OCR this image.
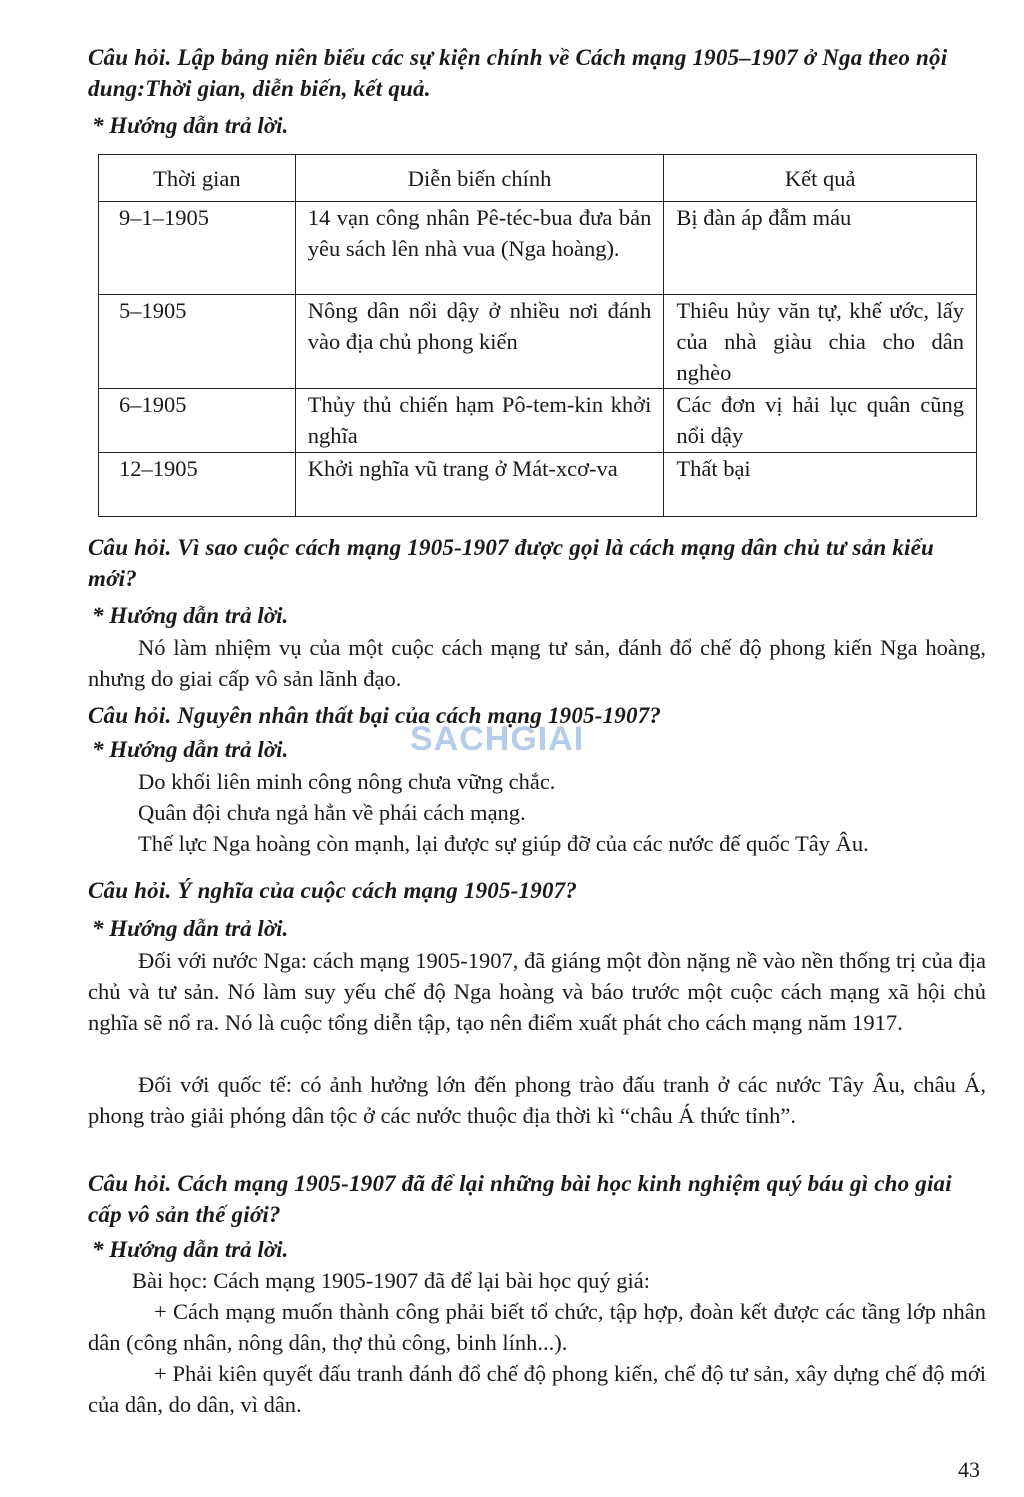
Câu hỏi. Lập bảng niên biểu các sự kiện chính về Cách mạng 1905–1907 ở Nga theo nội dung:Thời gian, diễn biến, kết quả.

* Hướng dẫn trả lời.

Thời gian	Diễn biến chính	Kết quả
9–1–1905	14 vạn công nhân Pê-téc-bua đưa bản yêu sách lên nhà vua (Nga hoàng).	Bị đàn áp đẫm máu
5–1905	Nông dân nổi dậy ở nhiều nơi đánh vào địa chủ phong kiến	Thiêu hủy văn tự, khế ước, lấy của nhà giàu chia cho dân nghèo
6–1905	Thủy thủ chiến hạm Pô-tem-kin khởi nghĩa	Các đơn vị hải lục quân cũng nổi dậy
12–1905	Khởi nghĩa vũ trang ở Mát-xcơ-va	Thất bại

Câu hỏi. Vì sao cuộc cách mạng 1905-1907 được gọi là cách mạng dân chủ tư sản kiểu mới?

* Hướng dẫn trả lời.

Nó làm nhiệm vụ của một cuộc cách mạng tư sản, đánh đổ chế độ phong kiến Nga hoàng, nhưng do giai cấp vô sản lãnh đạo.

Câu hỏi. Nguyên nhân thất bại của cách mạng 1905-1907?

* Hướng dẫn trả lời.

Do khối liên minh công nông chưa vững chắc.

Quân đội chưa ngả hẳn về phái cách mạng.

Thế lực Nga hoàng còn mạnh, lại được sự giúp đỡ của các nước đế quốc Tây Âu.

Câu hỏi. Ý nghĩa của cuộc cách mạng 1905-1907?

* Hướng dẫn trả lời.

Đối với nước Nga: cách mạng 1905-1907, đã giáng một đòn nặng nề vào nền thống trị của địa chủ và tư sản. Nó làm suy yếu chế độ Nga hoàng và báo trước một cuộc cách mạng xã hội chủ nghĩa sẽ nổ ra. Nó là cuộc tổng diễn tập, tạo nên điểm xuất phát cho cách mạng năm 1917.

Đối với quốc tế: có ảnh hưởng lớn đến phong trào đấu tranh ở các nước Tây Âu, châu Á, phong trào giải phóng dân tộc ở các nước thuộc địa thời kì “châu Á thức tỉnh”.

Câu hỏi. Cách mạng 1905-1907 đã để lại những bài học kinh nghiệm quý báu gì cho giai cấp vô sản thế giới?

* Hướng dẫn trả lời.

Bài học: Cách mạng 1905-1907 đã để lại bài học quý giá:

+ Cách mạng muốn thành công phải biết tổ chức, tập hợp, đoàn kết được các tầng lớp nhân dân (công nhân, nông dân, thợ thủ công, binh lính...).

+ Phải kiên quyết đấu tranh đánh đổ chế độ phong kiến, chế độ tư sản, xây dựng chế độ mới của dân, do dân, vì dân.

SACHGIAI
43
